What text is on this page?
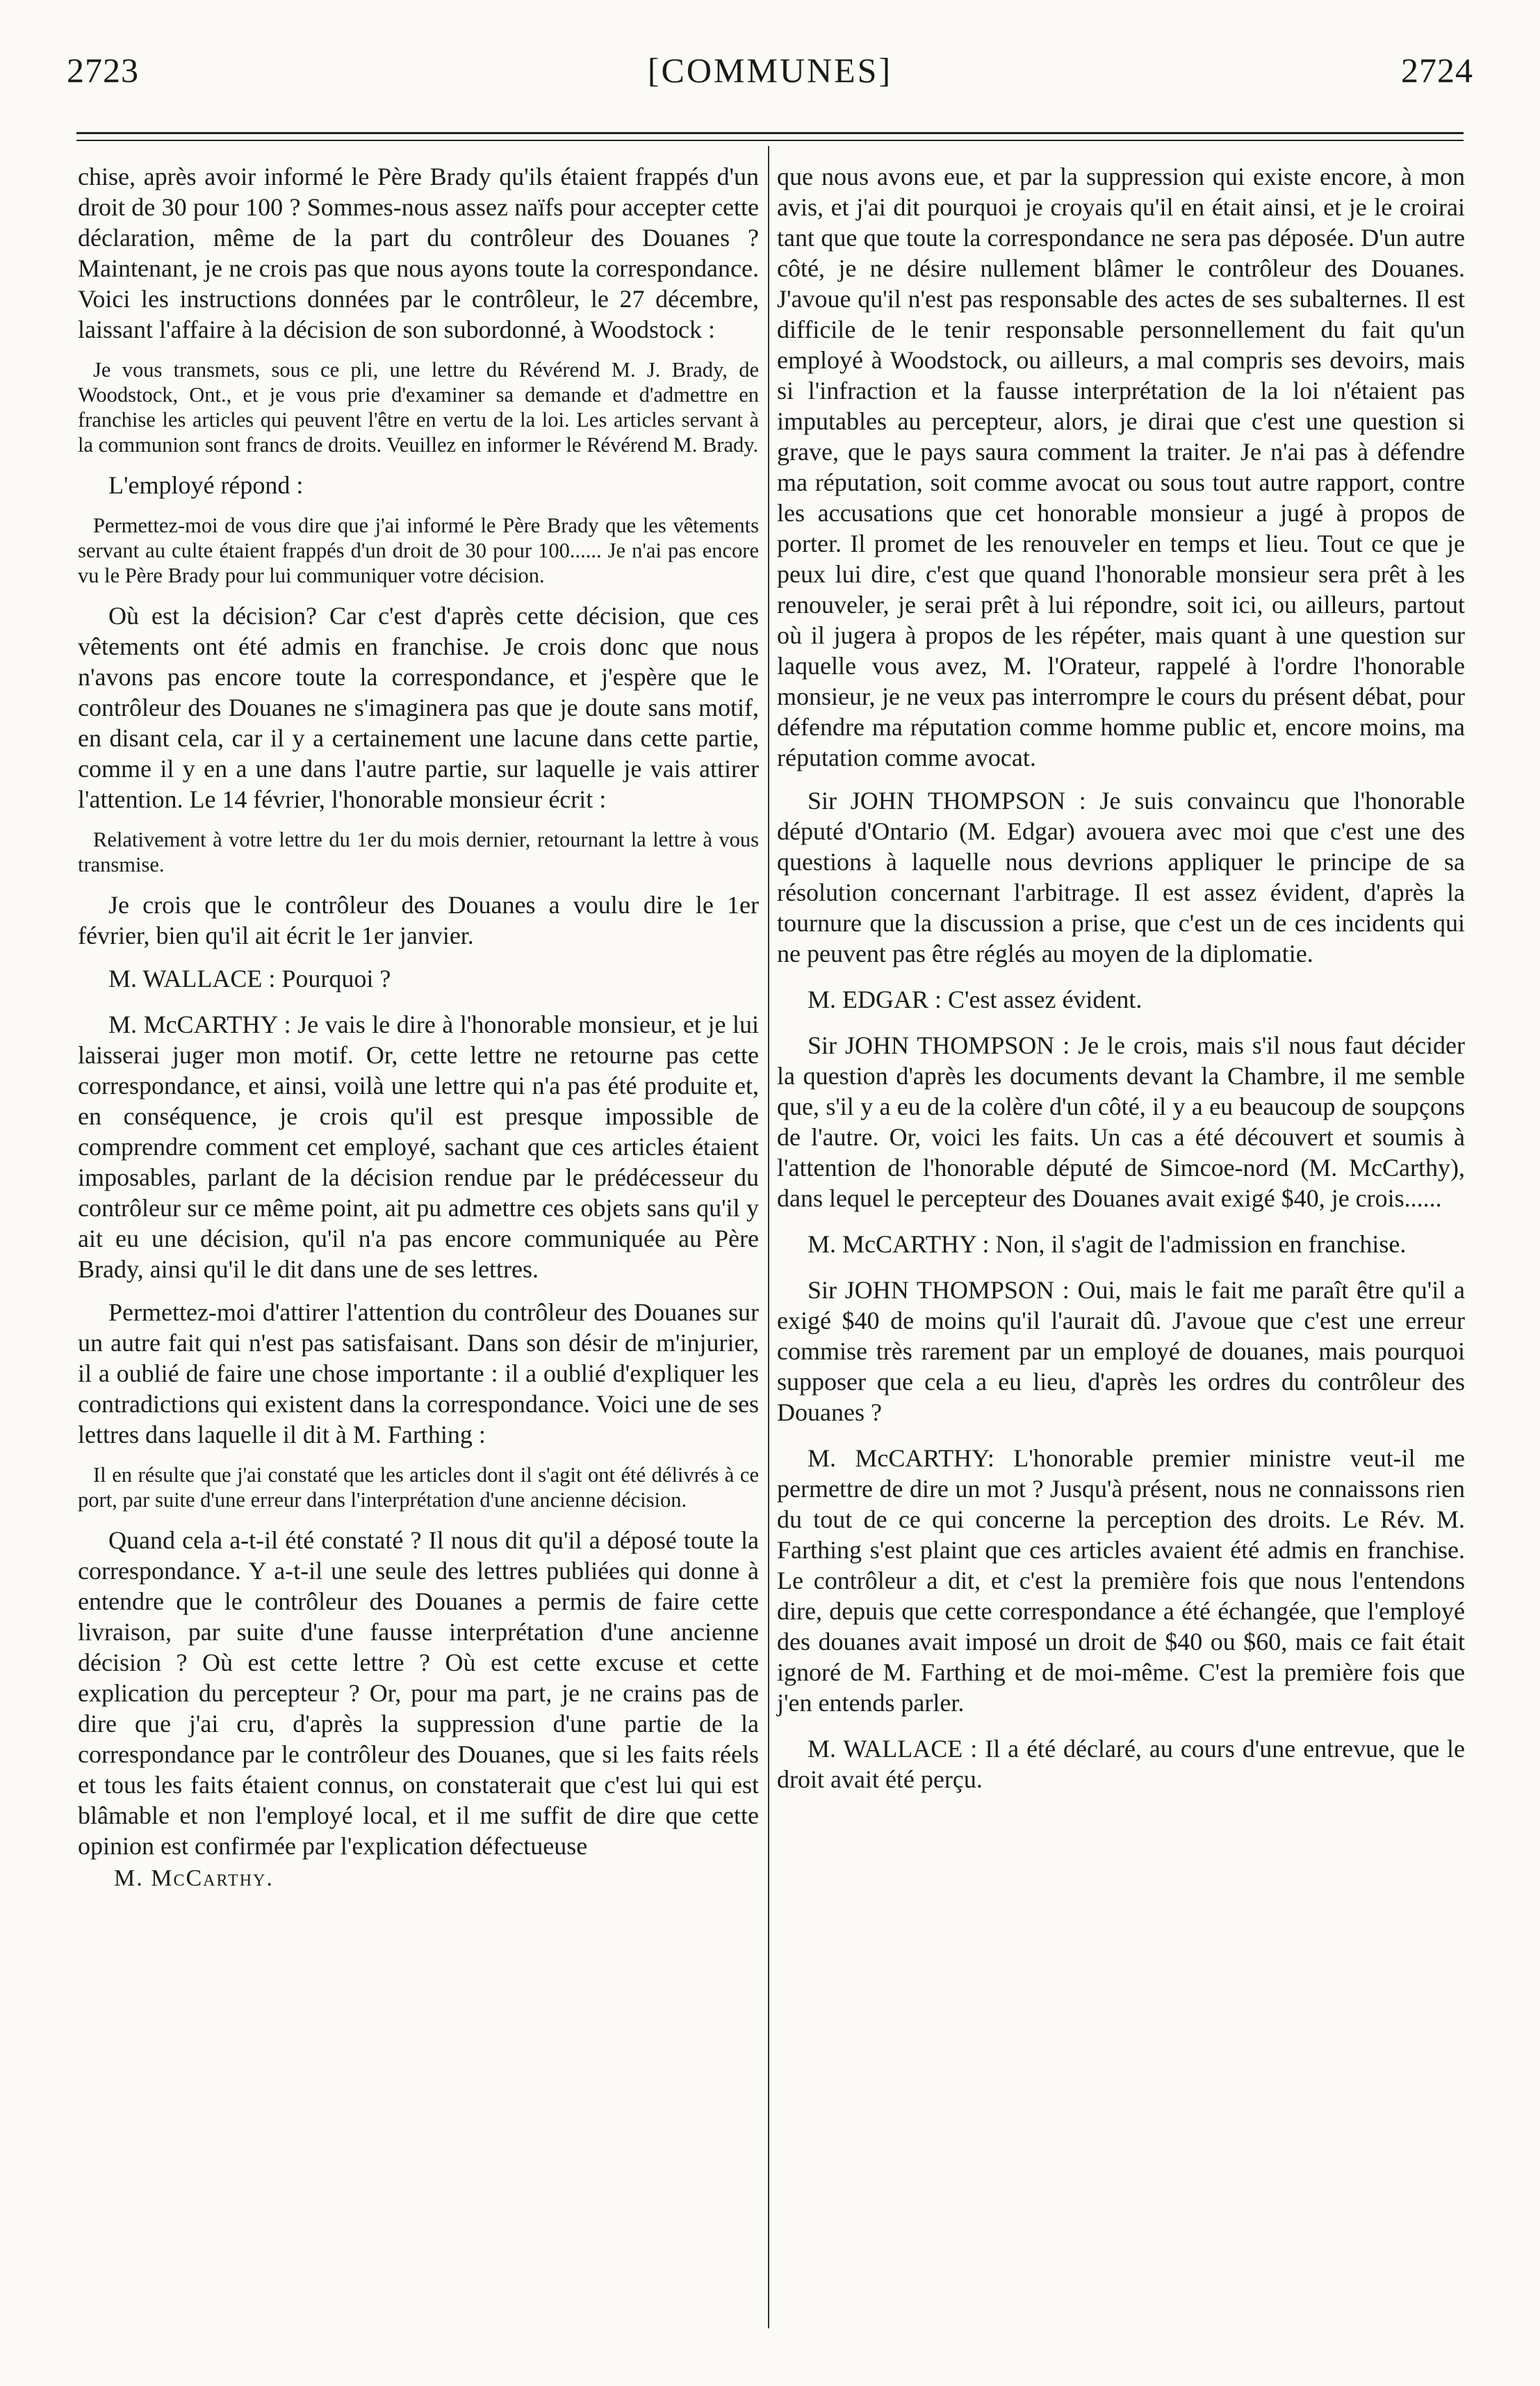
2723	[COMMUNES]	2724

chise, après avoir informé le Père Brady qu'ils étaient frappés d'un droit de 30 pour 100 ? Sommes-nous assez naïfs pour accepter cette déclaration, même de la part du contrôleur des Douanes ? Maintenant, je ne crois pas que nous ayons toute la correspondance. Voici les instructions données par le contrôleur, le 27 décembre, laissant l'affaire à la décision de son subordonné, à Woodstock :

Je vous transmets, sous ce pli, une lettre du Révérend M. J. Brady, de Woodstock, Ont., et je vous prie d'examiner sa demande et d'admettre en franchise les articles qui peuvent l'être en vertu de la loi. Les articles servant à la communion sont francs de droits. Veuillez en informer le Révérend M. Brady.

L'employé répond :

Permettez-moi de vous dire que j'ai informé le Père Brady que les vêtements servant au culte étaient frappés d'un droit de 30 pour 100...... Je n'ai pas encore vu le Père Brady pour lui communiquer votre décision.

Où est la décision? Car c'est d'après cette décision, que ces vêtements ont été admis en franchise. Je crois donc que nous n'avons pas encore toute la correspondance, et j'espère que le contrôleur des Douanes ne s'imaginera pas que je doute sans motif, en disant cela, car il y a certainement une lacune dans cette partie, comme il y en a une dans l'autre partie, sur laquelle je vais attirer l'attention. Le 14 février, l'honorable monsieur écrit :

Relativement à votre lettre du 1er du mois dernier, retournant la lettre à vous transmise.

Je crois que le contrôleur des Douanes a voulu dire le 1er février, bien qu'il ait écrit le 1er janvier.

M. WALLACE : Pourquoi ?

M. McCARTHY : Je vais le dire à l'honorable monsieur, et je lui laisserai juger mon motif. Or, cette lettre ne retourne pas cette correspondance, et ainsi, voilà une lettre qui n'a pas été produite et, en conséquence, je crois qu'il est presque impossible de comprendre comment cet employé, sachant que ces articles étaient imposables, parlant de la décision rendue par le prédécesseur du contrôleur sur ce même point, ait pu admettre ces objets sans qu'il y ait eu une décision, qu'il n'a pas encore communiquée au Père Brady, ainsi qu'il le dit dans une de ses lettres.

Permettez-moi d'attirer l'attention du contrôleur des Douanes sur un autre fait qui n'est pas satisfaisant. Dans son désir de m'injurier, il a oublié de faire une chose importante : il a oublié d'expliquer les contradictions qui existent dans la correspondance. Voici une de ses lettres dans laquelle il dit à M. Farthing :

Il en résulte que j'ai constaté que les articles dont il s'agit ont été délivrés à ce port, par suite d'une erreur dans l'interprétation d'une ancienne décision.

Quand cela a-t-il été constaté ? Il nous dit qu'il a déposé toute la correspondance. Y a-t-il une seule des lettres publiées qui donne à entendre que le contrôleur des Douanes a permis de faire cette livraison, par suite d'une fausse interprétation d'une ancienne décision ? Où est cette lettre ? Où est cette excuse et cette explication du percepteur ? Or, pour ma part, je ne crains pas de dire que j'ai cru, d'après la suppression d'une partie de la correspondance par le contrôleur des Douanes, que si les faits réels et tous les faits étaient connus, on constaterait que c'est lui qui est blâmable et non l'employé local, et il me suffit de dire que cette opinion est confirmée par l'explication défectueuse

M. McCarthy.

que nous avons eue, et par la suppression qui existe encore, à mon avis, et j'ai dit pourquoi je croyais qu'il en était ainsi, et je le croirai tant que que toute la correspondance ne sera pas déposée. D'un autre côté, je ne désire nullement blâmer le contrôleur des Douanes. J'avoue qu'il n'est pas responsable des actes de ses subalternes. Il est difficile de le tenir responsable personnellement du fait qu'un employé à Woodstock, ou ailleurs, a mal compris ses devoirs, mais si l'infraction et la fausse interprétation de la loi n'étaient pas imputables au percepteur, alors, je dirai que c'est une question si grave, que le pays saura comment la traiter. Je n'ai pas à défendre ma réputation, soit comme avocat ou sous tout autre rapport, contre les accusations que cet honorable monsieur a jugé à propos de porter. Il promet de les renouveler en temps et lieu. Tout ce que je peux lui dire, c'est que quand l'honorable monsieur sera prêt à les renouveler, je serai prêt à lui répondre, soit ici, ou ailleurs, partout où il jugera à propos de les répéter, mais quant à une question sur laquelle vous avez, M. l'Orateur, rappelé à l'ordre l'honorable monsieur, je ne veux pas interrompre le cours du présent débat, pour défendre ma réputation comme homme public et, encore moins, ma réputation comme avocat.

Sir JOHN THOMPSON : Je suis convaincu que l'honorable député d'Ontario (M. Edgar) avouera avec moi que c'est une des questions à laquelle nous devrions appliquer le principe de sa résolution concernant l'arbitrage. Il est assez évident, d'après la tournure que la discussion a prise, que c'est un de ces incidents qui ne peuvent pas être réglés au moyen de la diplomatie.

M. EDGAR : C'est assez évident.

Sir JOHN THOMPSON : Je le crois, mais s'il nous faut décider la question d'après les documents devant la Chambre, il me semble que, s'il y a eu de la colère d'un côté, il y a eu beaucoup de soupçons de l'autre. Or, voici les faits. Un cas a été découvert et soumis à l'attention de l'honorable député de Simcoe-nord (M. McCarthy), dans lequel le percepteur des Douanes avait exigé $40, je crois......

M. McCARTHY : Non, il s'agit de l'admission en franchise.

Sir JOHN THOMPSON : Oui, mais le fait me paraît être qu'il a exigé $40 de moins qu'il l'aurait dû. J'avoue que c'est une erreur commise très rarement par un employé de douanes, mais pourquoi supposer que cela a eu lieu, d'après les ordres du contrôleur des Douanes ?

M. McCARTHY: L'honorable premier ministre veut-il me permettre de dire un mot ? Jusqu'à présent, nous ne connaissons rien du tout de ce qui concerne la perception des droits. Le Rév. M. Farthing s'est plaint que ces articles avaient été admis en franchise. Le contrôleur a dit, et c'est la première fois que nous l'entendons dire, depuis que cette correspondance a été échangée, que l'employé des douanes avait imposé un droit de $40 ou $60, mais ce fait était ignoré de M. Farthing et de moi-même. C'est la première fois que j'en entends parler.

M. WALLACE : Il a été déclaré, au cours d'une entrevue, que le droit avait été perçu.
